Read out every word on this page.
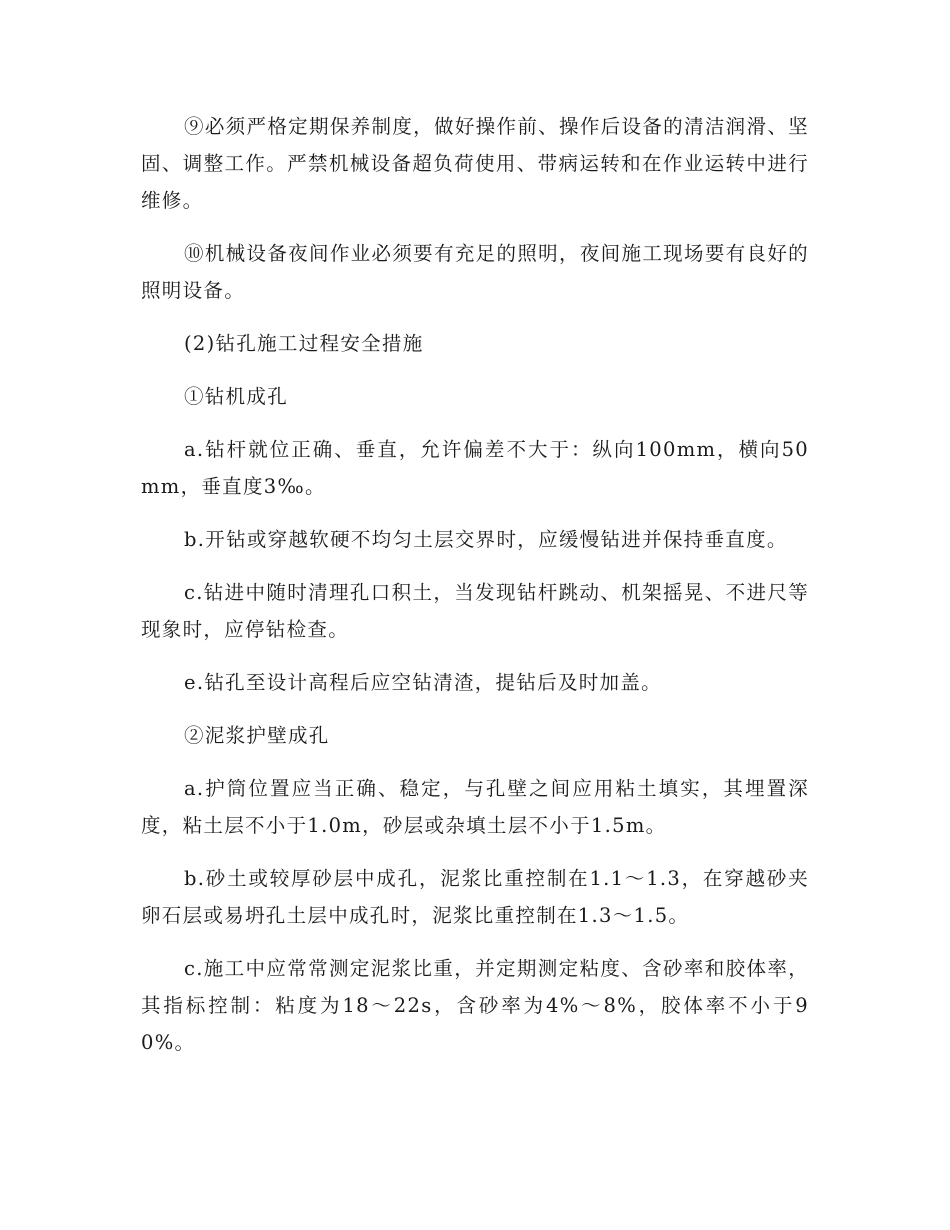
⑨必须严格定期保养制度，做好操作前、操作后设备的清洁润滑、坚固、调整工作。严禁机械设备超负荷使用、带病运转和在作业运转中进行维修。

⑩机械设备夜间作业必须要有充足的照明，夜间施工现场要有良好的照明设备。

(2)钻孔施工过程安全措施

①钻机成孔

a.钻杆就位正确、垂直，允许偏差不大于：纵向100mm，横向50mm，垂直度3‰。

b.开钻或穿越软硬不均匀土层交界时，应缓慢钻进并保持垂直度。

c.钻进中随时清理孔口积土，当发现钻杆跳动、机架摇晃、不进尺等现象时，应停钻检查。

e.钻孔至设计高程后应空钻清渣，提钻后及时加盖。

②泥浆护壁成孔

a.护筒位置应当正确、稳定，与孔壁之间应用粘土填实，其埋置深度，粘土层不小于1.0m，砂层或杂填土层不小于1.5m。

b.砂土或较厚砂层中成孔，泥浆比重控制在1.1～1.3，在穿越砂夹卵石层或易坍孔土层中成孔时，泥浆比重控制在1.3～1.5。

c.施工中应常常测定泥浆比重，并定期测定粘度、含砂率和胶体率，其指标控制：粘度为18～22s，含砂率为4%～8%，胶体率不小于90%。
